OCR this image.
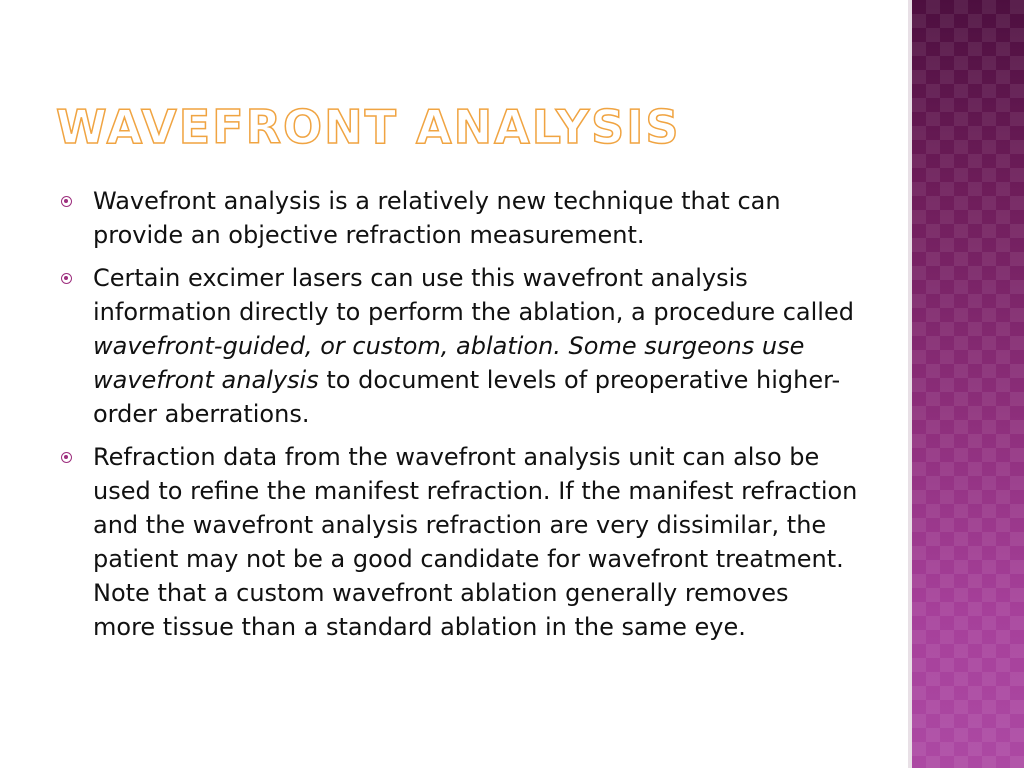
WAVEFRONT ANALYSIS
Wavefront analysis is a relatively new technique that can provide an objective refraction measurement.
Certain excimer lasers can use this wavefront analysis information directly to perform the ablation, a procedure called wavefront-guided, or custom, ablation. Some surgeons use wavefront analysis to document levels of preoperative higher-order aberrations.
Refraction data from the wavefront analysis unit can also be used to refine the manifest refraction. If the manifest refraction and the wavefront analysis refraction are very dissimilar, the patient may not be a good candidate for wavefront treatment. Note that a custom wavefront ablation generally removes more tissue than a standard ablation in the same eye.
